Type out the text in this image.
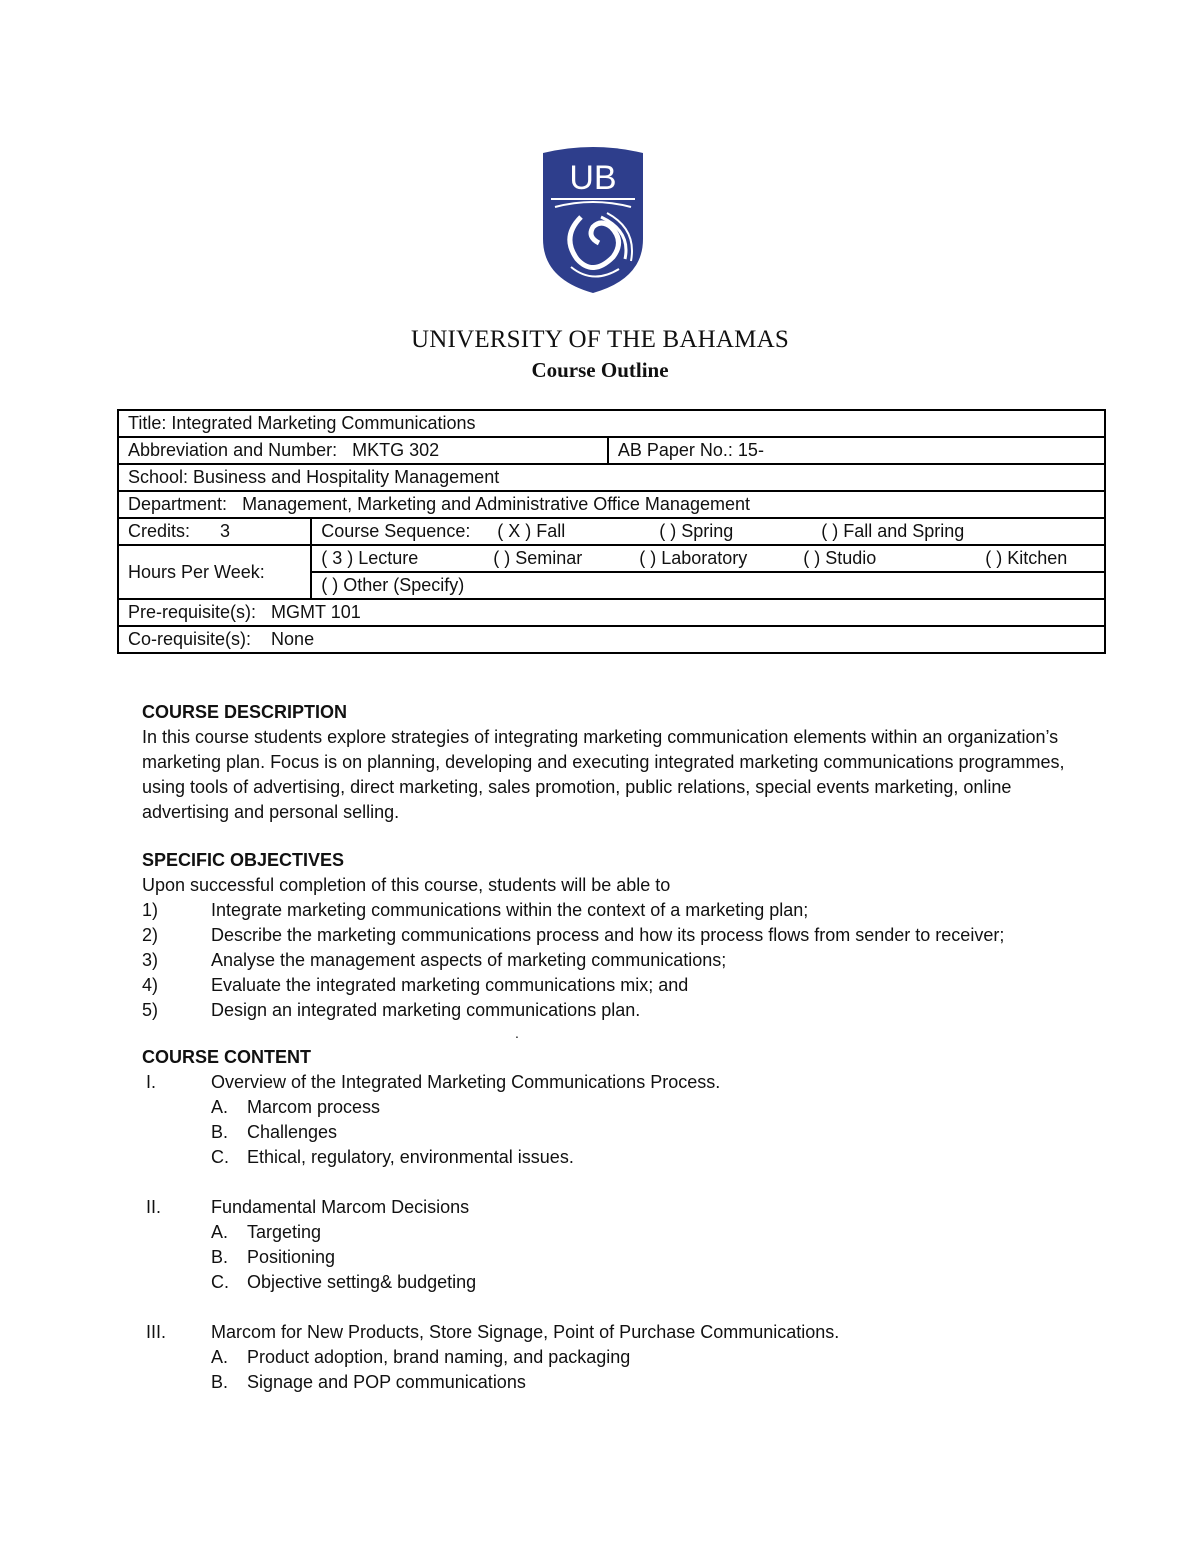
UB
UNIVERSITY OF THE BAHAMAS
Course Outline
Title: Integrated Marketing Communications		
Abbreviation and Number: MKTG 302		AB Paper No.: 15-
School: Business and Hospitality Management		
Department: Management, Marketing and Administrative Office Management		
Credits: 3	Course Sequence: ( X ) Fall ( ) Spring ( ) Fall and Spring	
Hours Per Week:	( 3 ) Lecture ( ) Seminar ( ) Laboratory ( ) Studio ( ) Kitchen	
	( ) Other (Specify)	
Pre-requisite(s): MGMT 101		
Co-requisite(s): None		
COURSE DESCRIPTION
In this course students explore strategies of integrating marketing communication elements within an organization’s
marketing plan. Focus is on planning, developing and executing integrated marketing communications programmes,
using tools of advertising, direct marketing, sales promotion, public relations, special events marketing, online
advertising and personal selling.
SPECIFIC OBJECTIVES
Upon successful completion of this course, students will be able to
1)	Integrate marketing communications within the context of a marketing plan;
2)	Describe the marketing communications process and how its process flows from sender to receiver;
3)	Analyse the management aspects of marketing communications;
4)	Evaluate the integrated marketing communications mix; and
5)	Design an integrated marketing communications plan.
.
COURSE CONTENT
I.	Overview of the Integrated Marketing Communications Process.
A. Marcom process
B. Challenges
C. Ethical, regulatory, environmental issues.
II.	Fundamental Marcom Decisions
A. Targeting
B. Positioning
C. Objective setting& budgeting
III. Marcom for New Products, Store Signage, Point of Purchase Communications.
A. Product adoption, brand naming, and packaging
B. Signage and POP communications
